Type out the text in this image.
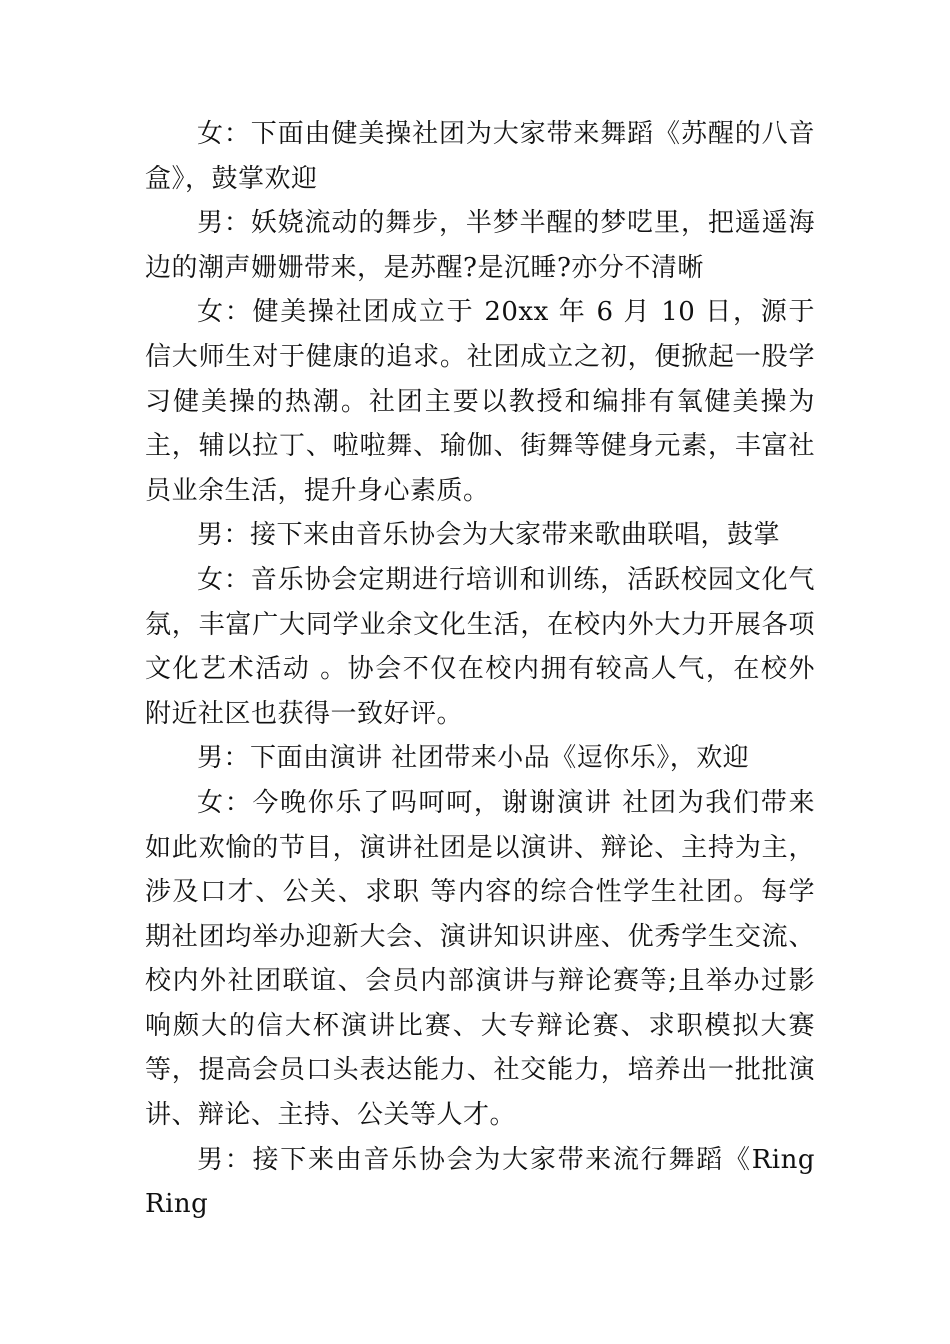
女：下面由健美操社团为大家带来舞蹈《苏醒的八音盒》，鼓掌欢迎

男：妖娆流动的舞步，半梦半醒的梦呓里，把遥遥海边的潮声姗姗带来，是苏醒?是沉睡?亦分不清晰

女：健美操社团成立于 20xx 年 6 月 10 日，源于信大师生对于健康的追求。社团成立之初，便掀起一股学习健美操的热潮。社团主要以教授和编排有氧健美操为主，辅以拉丁、啦啦舞、瑜伽、街舞等健身元素，丰富社员业余生活，提升身心素质。

男：接下来由音乐协会为大家带来歌曲联唱，鼓掌

女：音乐协会定期进行培训和训练，活跃校园文化气氛，丰富广大同学业余文化生活，在校内外大力开展各项文化艺术活动 。协会不仅在校内拥有较高人气，在校外附近社区也获得一致好评。

男：下面由演讲 社团带来小品《逗你乐》，欢迎

女：今晚你乐了吗呵呵，谢谢演讲 社团为我们带来如此欢愉的节目，演讲社团是以演讲、辩论、主持为主，涉及口才、公关、求职 等内容的综合性学生社团。每学期社团均举办迎新大会、演讲知识讲座、优秀学生交流、校内外社团联谊、会员内部演讲与辩论赛等;且举办过影响颇大的信大杯演讲比赛、大专辩论赛、求职模拟大赛等，提高会员口头表达能力、社交能力，培养出一批批演讲、辩论、主持、公关等人才。

男：接下来由音乐协会为大家带来流行舞蹈《Ring Ring
